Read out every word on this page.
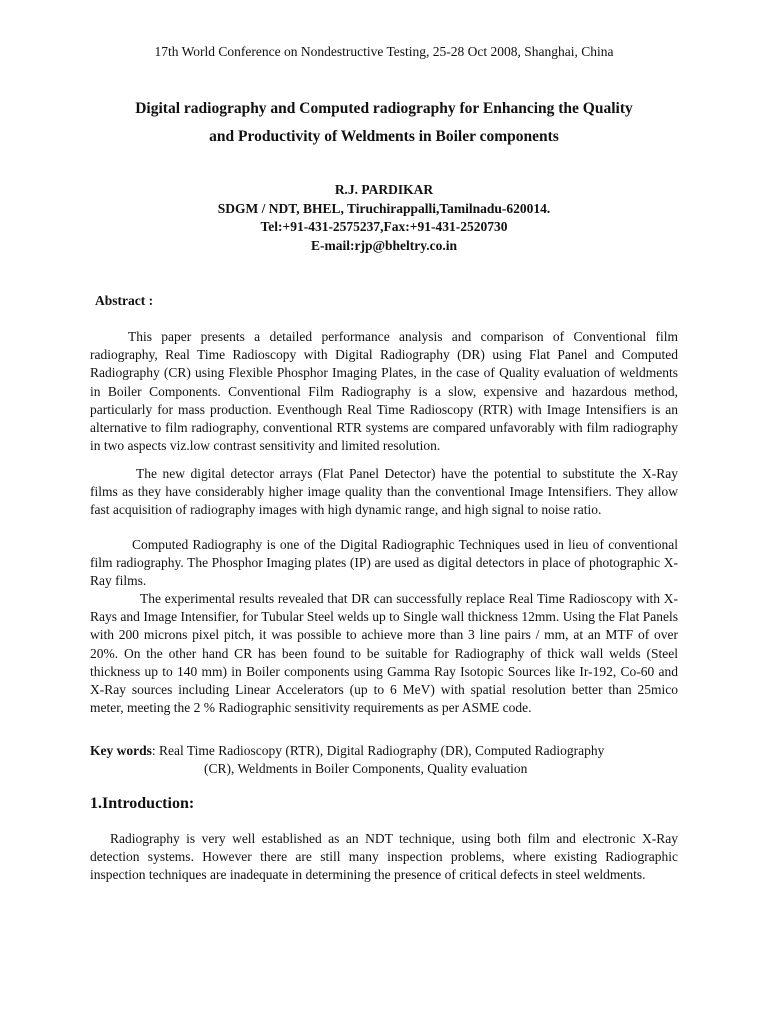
17th World Conference on Nondestructive Testing, 25-28 Oct 2008, Shanghai, China
Digital radiography and Computed radiography for Enhancing the Quality
and Productivity of Weldments in Boiler components
R.J. PARDIKAR
SDGM / NDT, BHEL, Tiruchirappalli,Tamilnadu-620014.
Tel:+91-431-2575237,Fax:+91-431-2520730
E-mail:rjp@bheltry.co.in
Abstract :
This paper presents a detailed performance analysis and comparison of Conventional film radiography, Real Time Radioscopy with Digital Radiography (DR) using Flat Panel and Computed Radiography (CR) using Flexible Phosphor Imaging Plates, in the case of Quality evaluation of weldments in Boiler Components. Conventional Film Radiography is a slow, expensive and hazardous method, particularly for mass production. Eventhough Real Time Radioscopy (RTR) with Image Intensifiers is an alternative to film radiography, conventional RTR systems are compared unfavorably with film radiography in two aspects viz.low contrast sensitivity and limited resolution.
The new digital detector arrays (Flat Panel Detector) have the potential to substitute the X-Ray films as they have considerably higher image quality than the conventional Image Intensifiers. They allow fast acquisition of radiography images with high dynamic range, and high signal to noise ratio.
Computed Radiography is one of the Digital Radiographic Techniques used in lieu of conventional film radiography. The Phosphor Imaging plates (IP) are used as digital detectors in place of photographic X-Ray films.
The experimental results revealed that DR can successfully replace Real Time Radioscopy with X-Rays and Image Intensifier, for Tubular Steel welds up to Single wall thickness 12mm. Using the Flat Panels with 200 microns pixel pitch, it was possible to achieve more than 3 line pairs / mm, at an MTF of over 20%. On the other hand CR has been found to be suitable for Radiography of thick wall welds (Steel thickness up to 140 mm) in Boiler components using Gamma Ray Isotopic Sources like Ir-192, Co-60 and X-Ray sources including Linear Accelerators (up to 6 MeV) with spatial resolution better than 25mico meter, meeting the 2 % Radiographic sensitivity requirements as per ASME code.
Key words: Real Time Radioscopy (RTR), Digital Radiography (DR), Computed Radiography
(CR), Weldments in Boiler Components, Quality evaluation
1.Introduction:
Radiography is very well established as an NDT technique, using both film and electronic X-Ray detection systems. However there are still many inspection problems, where existing Radiographic inspection techniques are inadequate in determining the presence of critical defects in steel weldments.
